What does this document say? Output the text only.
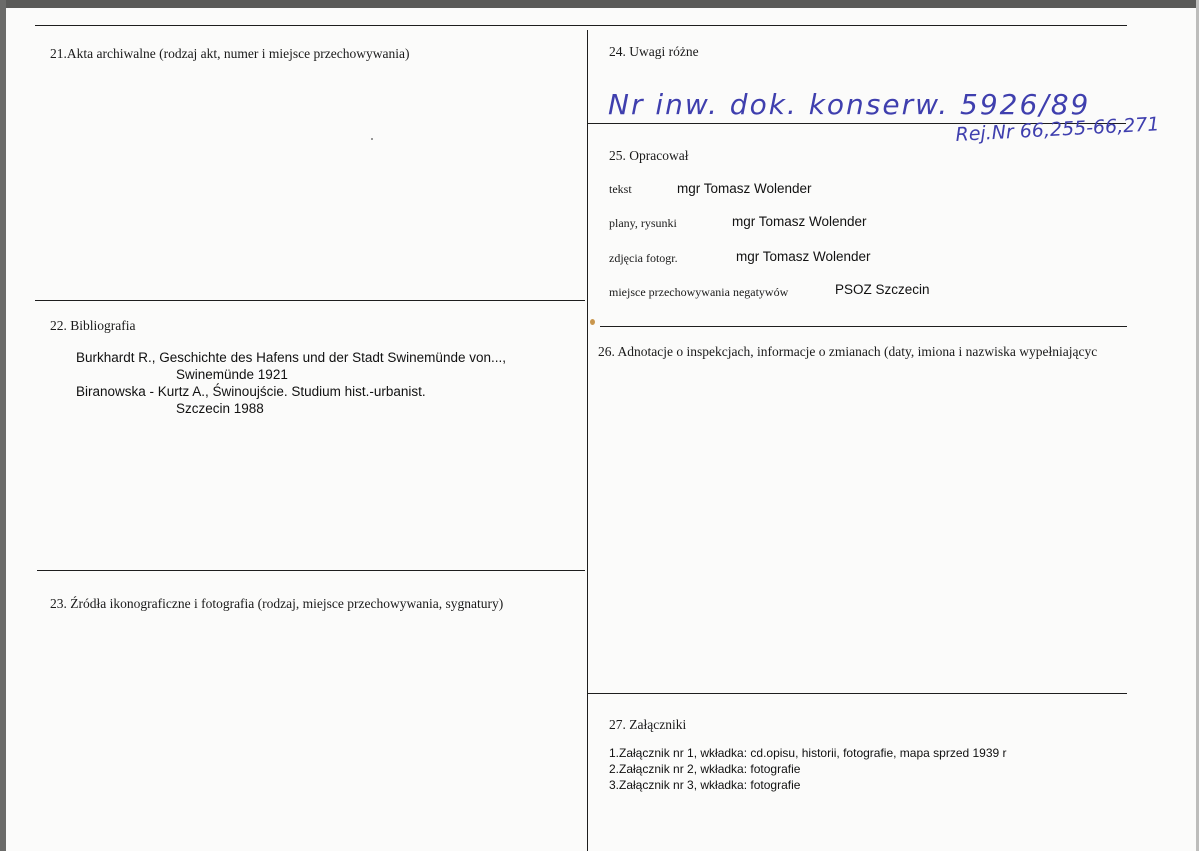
21.Akta archiwalne (rodzaj akt, numer i miejsce przechowywania)
22. Bibliografia
Burkhardt R., Geschichte des Hafens und der Stadt Swinemünde von...,
Swinemünde 1921
Biranowska - Kurtz A., Świnoujście. Studium hist.-urbanist.
Szczecin 1988
23. Źródła ikonograficzne i fotografia (rodzaj, miejsce przechowywania, sygnatury)
24. Uwagi różne
Nr inw. dok. konserw. 5926/89
Rej.Nr 66,255-66,271
25. Opracował
tekst	mgr Tomasz Wolender
plany, rysunki	mgr Tomasz Wolender
zdjęcia fotogr.	mgr Tomasz Wolender
miejsce przechowywania negatywów	PSOZ Szczecin
26. Adnotacje o inspekcjach, informacje o zmianach (daty, imiona i nazwiska wypełniającyc
27. Załączniki
1.Załącznik nr 1, wkładka: cd.opisu, historii, fotografie, mapa sprzed 1939 r
2.Załącznik nr 2, wkładka: fotografie
3.Załącznik nr 3, wkładka: fotografie
